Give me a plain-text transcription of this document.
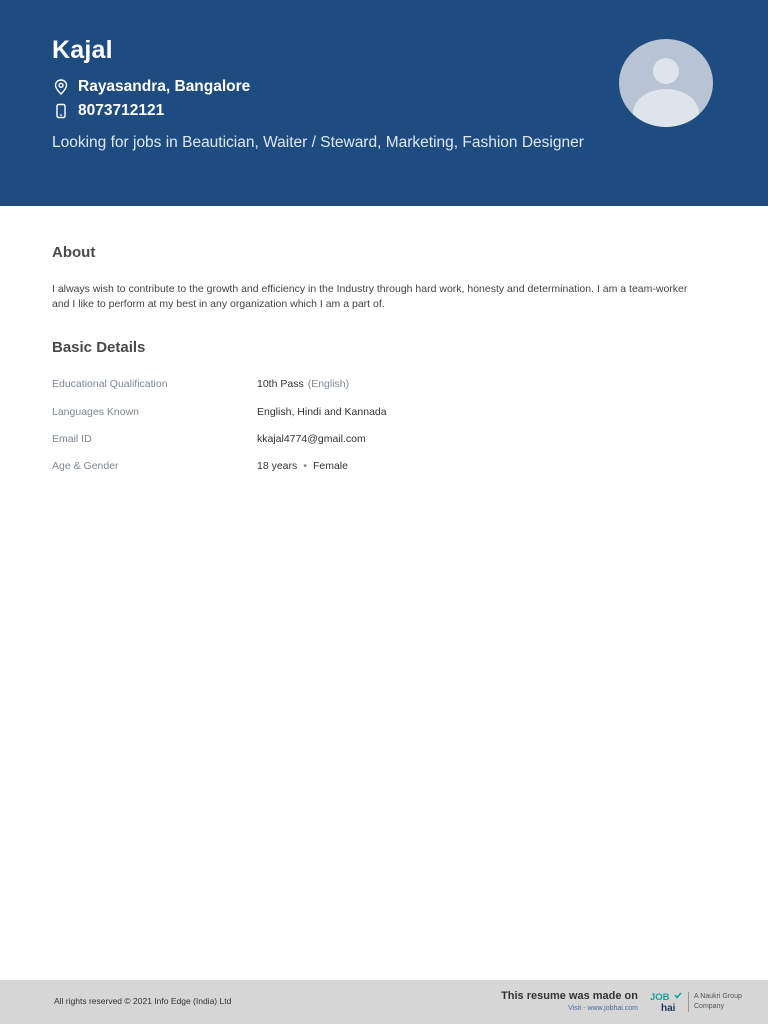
Kajal
Rayasandra, Bangalore
8073712121
Looking for jobs in Beautician, Waiter / Steward, Marketing, Fashion Designer
About
I always wish to contribute to the growth and efficiency in the Industry through hard work, honesty and determination. I am a team-worker and I like to perform at my best in any organization which I am a part of.
Basic Details
Educational Qualification	10th Pass (English)
Languages Known	English, Hindi and Kannada
Email ID	kkajal4774@gmail.com
Age & Gender	18 years • Female
All rights reserved © 2021 Info Edge (India) Ltd	This resume was made on
Visit - www.jobhai.com
JOB
hai
A Naukri Group
Company
